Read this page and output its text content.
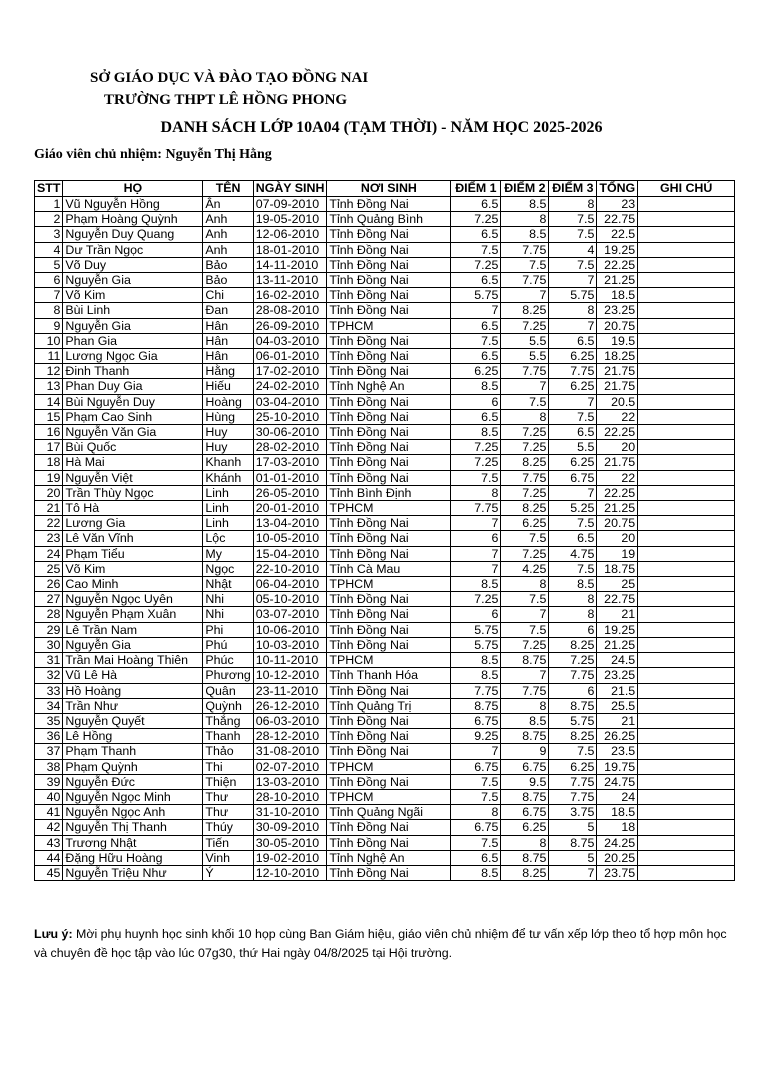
SỞ GIÁO DỤC VÀ ĐÀO TẠO ĐỒNG NAI
TRƯỜNG THPT LÊ HỒNG PHONG
DANH SÁCH LỚP 10A04 (TẠM THỜI) - NĂM HỌC 2025-2026
Giáo viên chủ nhiệm: Nguyễn Thị Hằng
STT	HỌ	TÊN	NGÀY SINH	NƠI SINH	ĐIỂM 1	ĐIỂM 2	ĐIỂM 3	TỔNG	GHI CHÚ
1	Vũ Nguyễn Hồng	Ân	07-09-2010	Tỉnh Đồng Nai	6.5	8.5	8	23	
2	Phạm Hoàng Quỳnh	Anh	19-05-2010	Tỉnh Quảng Bình	7.25	8	7.5	22.75	
3	Nguyễn Duy Quang	Anh	12-06-2010	Tỉnh Đồng Nai	6.5	8.5	7.5	22.5	
4	Dư Trần Ngọc	Anh	18-01-2010	Tỉnh Đồng Nai	7.5	7.75	4	19.25	
5	Võ Duy	Bảo	14-11-2010	Tỉnh Đồng Nai	7.25	7.5	7.5	22.25	
6	Nguyễn Gia	Bảo	13-11-2010	Tỉnh Đồng Nai	6.5	7.75	7	21.25	
7	Võ Kim	Chi	16-02-2010	Tỉnh Đồng Nai	5.75	7	5.75	18.5	
8	Bùi Linh	Đan	28-08-2010	Tỉnh Đồng Nai	7	8.25	8	23.25	
9	Nguyễn Gia	Hân	26-09-2010	TPHCM	6.5	7.25	7	20.75	
10	Phan Gia	Hân	04-03-2010	Tỉnh Đồng Nai	7.5	5.5	6.5	19.5	
11	Lương Ngọc Gia	Hân	06-01-2010	Tỉnh Đồng Nai	6.5	5.5	6.25	18.25	
12	Đinh Thanh	Hằng	17-02-2010	Tỉnh Đồng Nai	6.25	7.75	7.75	21.75	
13	Phan Duy Gia	Hiếu	24-02-2010	Tỉnh Nghệ An	8.5	7	6.25	21.75	
14	Bùi Nguyễn Duy	Hoàng	03-04-2010	Tỉnh Đồng Nai	6	7.5	7	20.5	
15	Phạm Cao Sinh	Hùng	25-10-2010	Tỉnh Đồng Nai	6.5	8	7.5	22	
16	Nguyễn Văn Gia	Huy	30-06-2010	Tỉnh Đồng Nai	8.5	7.25	6.5	22.25	
17	Bùi Quốc	Huy	28-02-2010	Tỉnh Đồng Nai	7.25	7.25	5.5	20	
18	Hà Mai	Khanh	17-03-2010	Tỉnh Đồng Nai	7.25	8.25	6.25	21.75	
19	Nguyễn Việt	Khánh	01-01-2010	Tỉnh Đồng Nai	7.5	7.75	6.75	22	
20	Trần Thùy Ngọc	Linh	26-05-2010	Tỉnh Bình Định	8	7.25	7	22.25	
21	Tô Hà	Linh	20-01-2010	TPHCM	7.75	8.25	5.25	21.25	
22	Lương Gia	Linh	13-04-2010	Tỉnh Đồng Nai	7	6.25	7.5	20.75	
23	Lê Văn Vĩnh	Lộc	10-05-2010	Tỉnh Đồng Nai	6	7.5	6.5	20	
24	Phạm Tiểu	My	15-04-2010	Tỉnh Đồng Nai	7	7.25	4.75	19	
25	Võ Kim	Ngọc	22-10-2010	Tỉnh Cà Mau	7	4.25	7.5	18.75	
26	Cao Minh	Nhật	06-04-2010	TPHCM	8.5	8	8.5	25	
27	Nguyễn Ngọc Uyên	Nhi	05-10-2010	Tỉnh Đồng Nai	7.25	7.5	8	22.75	
28	Nguyễn Phạm Xuân	Nhi	03-07-2010	Tỉnh Đồng Nai	6	7	8	21	
29	Lê Trần Nam	Phi	10-06-2010	Tỉnh Đồng Nai	5.75	7.5	6	19.25	
30	Nguyễn Gia	Phú	10-03-2010	Tỉnh Đồng Nai	5.75	7.25	8.25	21.25	
31	Trần Mai Hoàng Thiên	Phúc	10-11-2010	TPHCM	8.5	8.75	7.25	24.5	
32	Vũ Lê Hà	Phương	10-12-2010	Tỉnh Thanh Hóa	8.5	7	7.75	23.25	
33	Hồ Hoàng	Quân	23-11-2010	Tỉnh Đồng Nai	7.75	7.75	6	21.5	
34	Trần Như	Quỳnh	26-12-2010	Tỉnh Quảng Trị	8.75	8	8.75	25.5	
35	Nguyễn Quyết	Thắng	06-03-2010	Tỉnh Đồng Nai	6.75	8.5	5.75	21	
36	Lê Hồng	Thanh	28-12-2010	Tỉnh Đồng Nai	9.25	8.75	8.25	26.25	
37	Phạm Thanh	Thảo	31-08-2010	Tỉnh Đồng Nai	7	9	7.5	23.5	
38	Phạm Quỳnh	Thi	02-07-2010	TPHCM	6.75	6.75	6.25	19.75	
39	Nguyễn Đức	Thiện	13-03-2010	Tỉnh Đồng Nai	7.5	9.5	7.75	24.75	
40	Nguyễn Ngọc Minh	Thư	28-10-2010	TPHCM	7.5	8.75	7.75	24	
41	Nguyễn Ngọc Anh	Thư	31-10-2010	Tỉnh Quảng Ngãi	8	6.75	3.75	18.5	
42	Nguyễn Thị Thanh	Thúy	30-09-2010	Tỉnh Đồng Nai	6.75	6.25	5	18	
43	Trương Nhật	Tiến	30-05-2010	Tỉnh Đồng Nai	7.5	8	8.75	24.25	
44	Đặng Hữu Hoàng	Vinh	19-02-2010	Tỉnh Nghệ An	6.5	8.75	5	20.25	
45	Nguyễn Triệu Như	Ý	12-10-2010	Tỉnh Đồng Nai	8.5	8.25	7	23.75	
Lưu ý: Mời phụ huynh học sinh khối 10 họp cùng Ban Giám hiệu, giáo viên chủ nhiệm để tư vấn xếp lớp theo tổ hợp môn học và chuyên đề học tập vào lúc 07g30, thứ Hai ngày 04/8/2025 tại Hội trường.
